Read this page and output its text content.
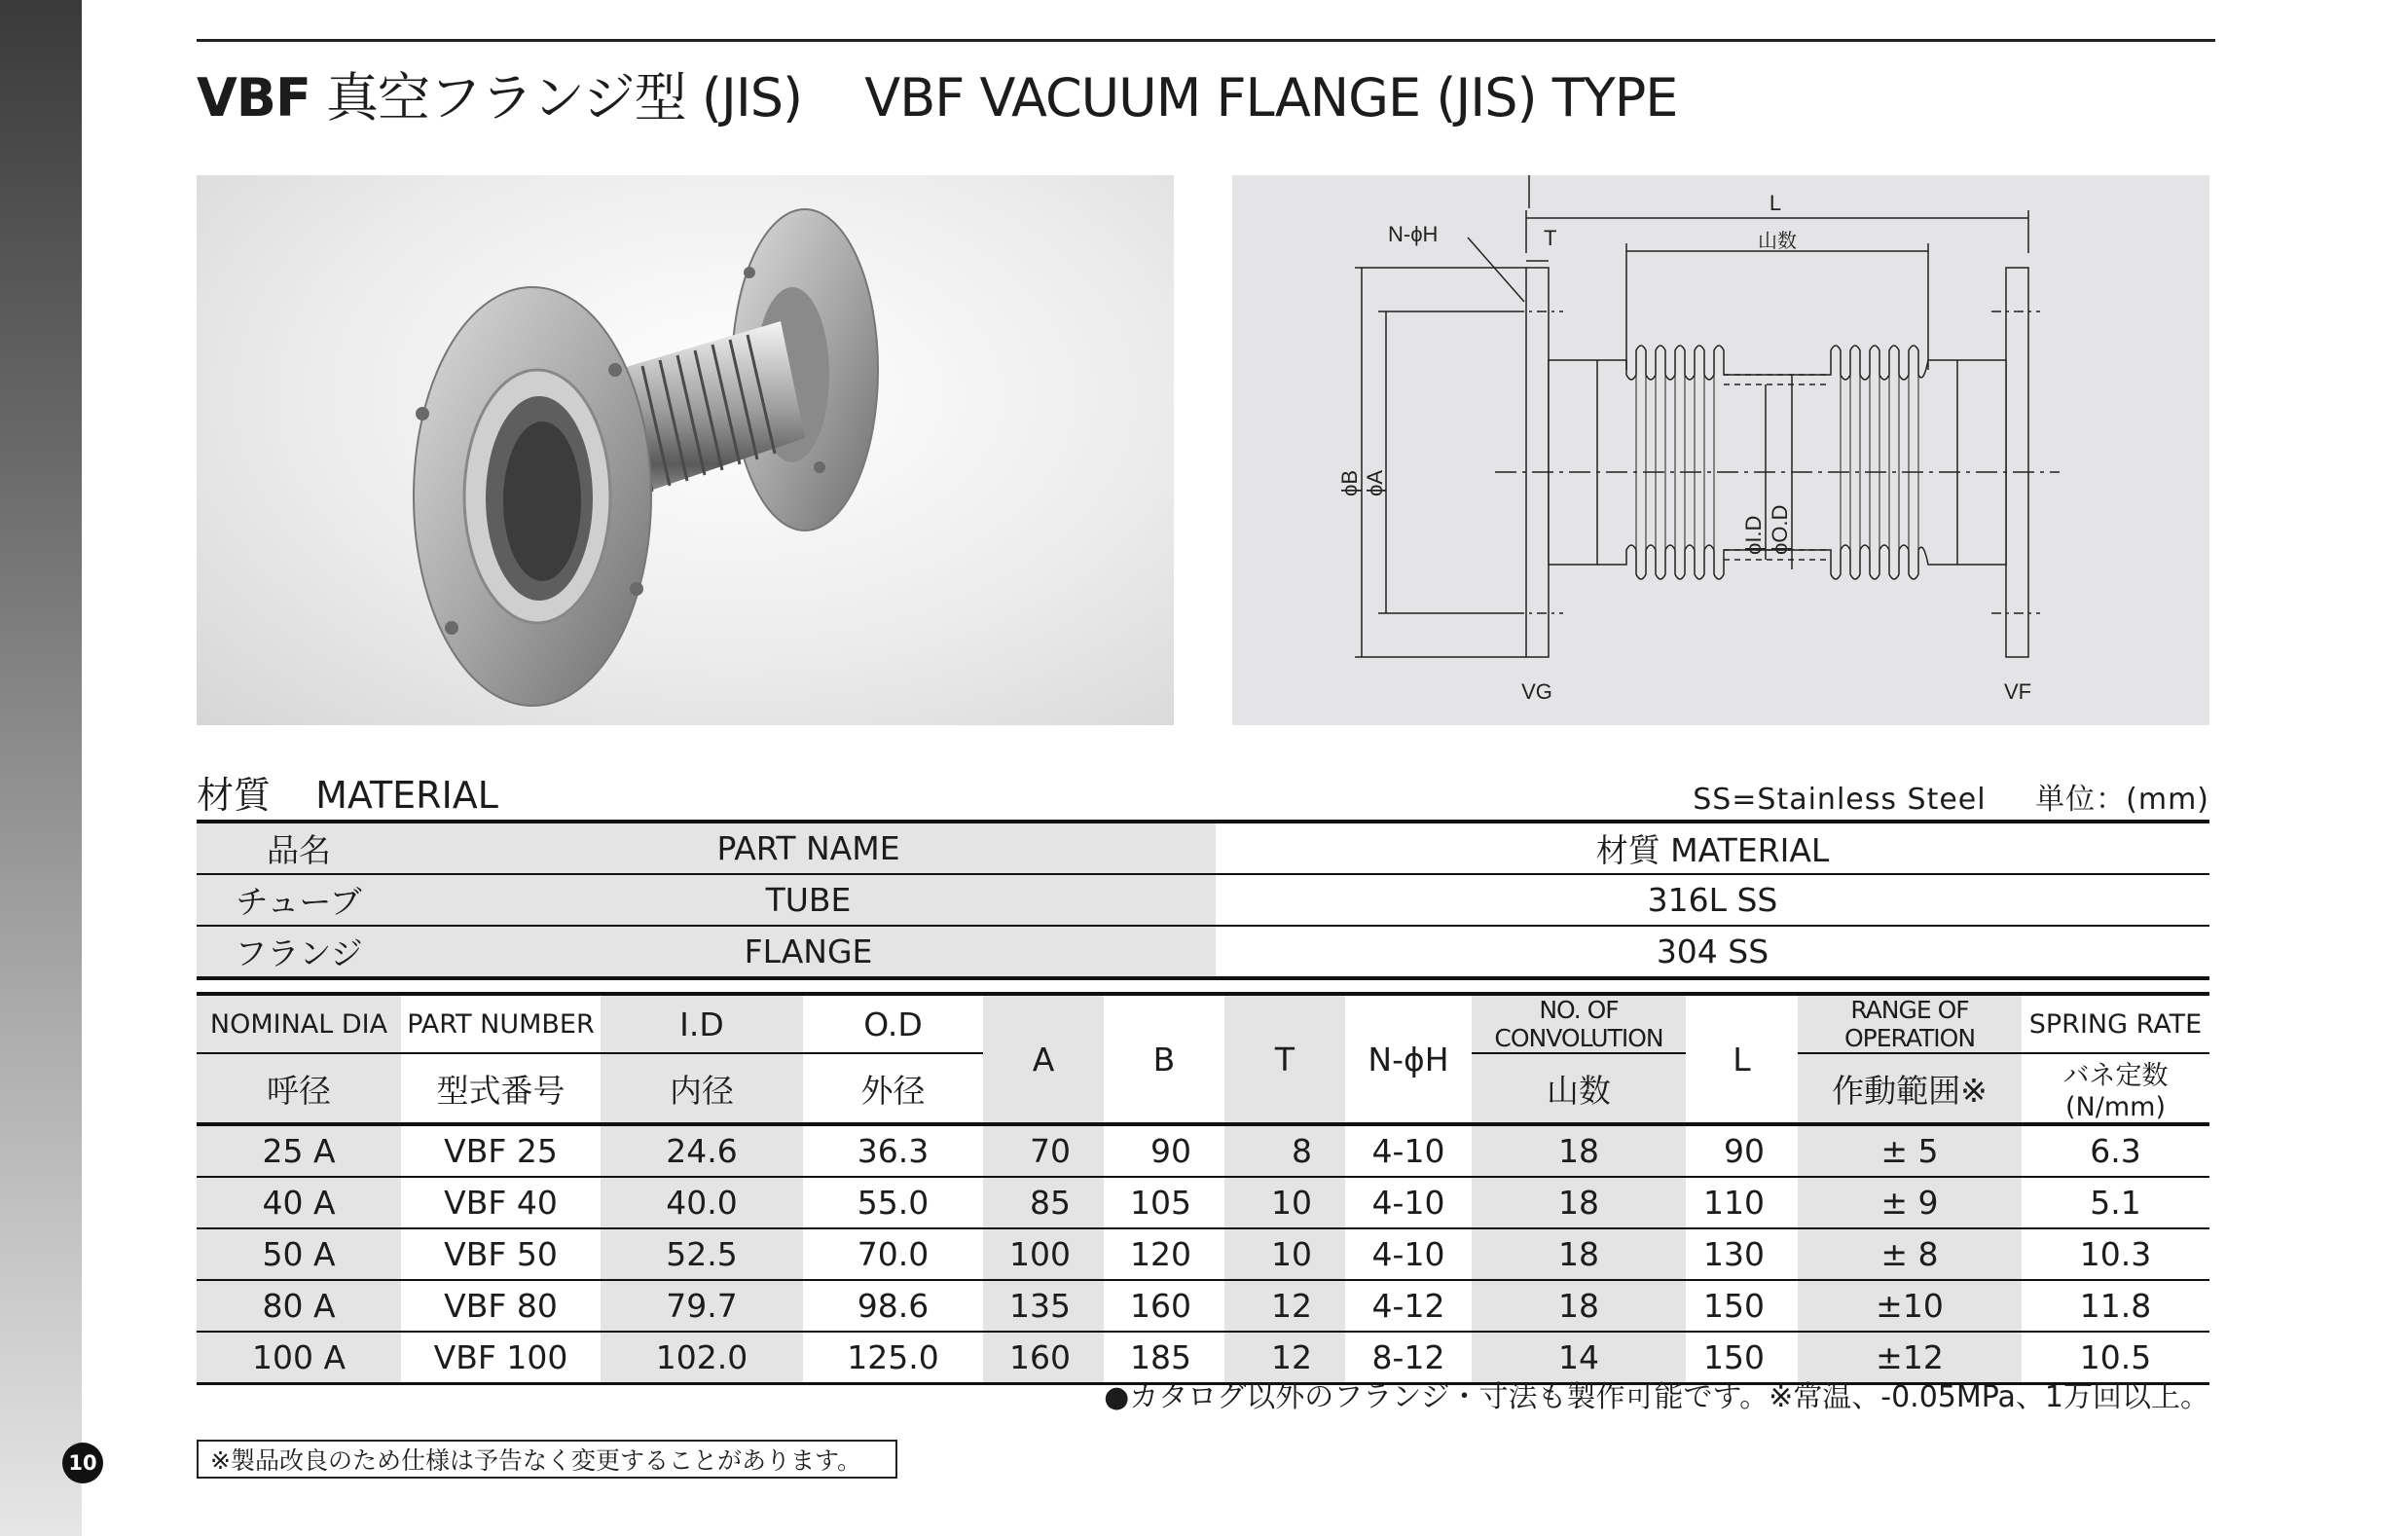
VBF 真空フランジ型 (JIS) VBF VACUUM FLANGE (JIS) TYPE
L
山数
N-ϕH	T
ϕB ϕA
ϕI.D ϕO.D
VG	VF
材質 MATERIAL	SS=Stainless Steel 単位：(mm)
品名	PART NAME	材質 MATERIAL
チューブ	TUBE	316L SS
フランジ	FLANGE	304 SS
NOMINAL DIA	PART NUMBER	I.D	O.D	A	B	T	N-ϕH	NO. OF CONVOLUTION	L	RANGE OF OPERATION	SPRING RATE
呼径	型式番号	内径	外径					山数		作動範囲※	バネ定数(N/mm)
25 A	VBF 25	24.6	36.3	70	90	8	4-10	18	90	± 5	6.3
40 A	VBF 40	40.0	55.0	85	105	10	4-10	18	110	± 9	5.1
50 A	VBF 50	52.5	70.0	100	120	10	4-10	18	130	± 8	10.3
80 A	VBF 80	79.7	98.6	135	160	12	4-12	18	150	±10	11.8
100 A	VBF 100	102.0	125.0	160	185	12	8-12	14	150	±12	10.5
●カタログ以外のフランジ・寸法も製作可能です。※常温、-0.05MPa、1万回以上。
※製品改良のため仕様は予告なく変更することがあります。
10
